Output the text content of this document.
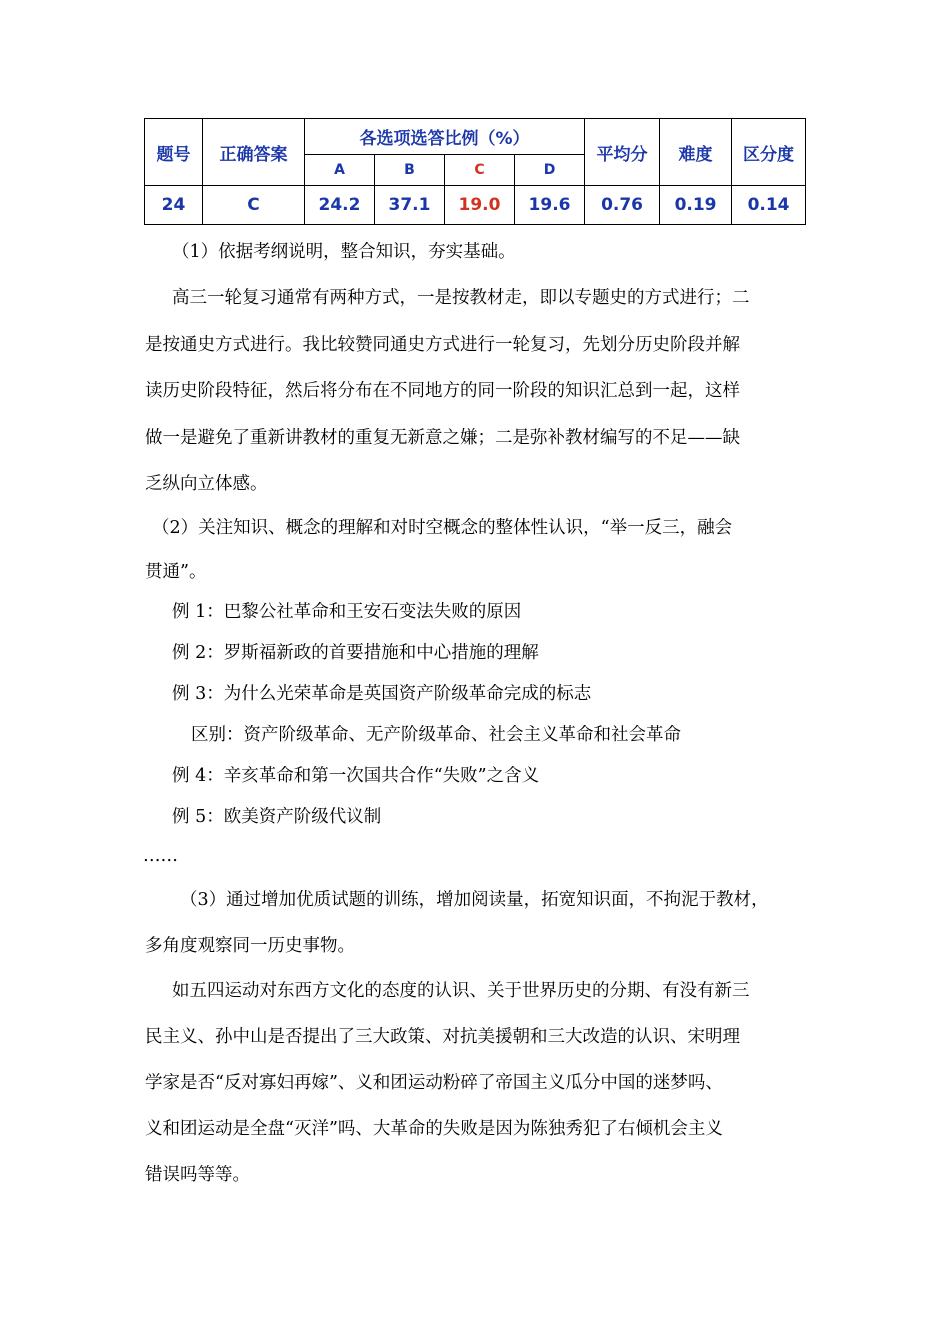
题号	正确答案	各选项选答比例（%）				平均分	难度	区分度
		A	B	C	D			
24	C	24.2	37.1	19.0	19.6	0.76	0.19	0.14
（1）依据考纲说明，整合知识，夯实基础。
高三一轮复习通常有两种方式，一是按教材走，即以专题史的方式进行；二
是按通史方式进行。我比较赞同通史方式进行一轮复习，先划分历史阶段并解
读历史阶段特征，然后将分布在不同地方的同一阶段的知识汇总到一起，这样
做一是避免了重新讲教材的重复无新意之嫌；二是弥补教材编写的不足——缺
乏纵向立体感。
（2）关注知识、概念的理解和对时空概念的整体性认识，“举一反三，融会
贯通”。
例 1：巴黎公社革命和王安石变法失败的原因
例 2：罗斯福新政的首要措施和中心措施的理解
例 3：为什么光荣革命是英国资产阶级革命完成的标志
区别：资产阶级革命、无产阶级革命、社会主义革命和社会革命
例 4：辛亥革命和第一次国共合作“失败”之含义
例 5：欧美资产阶级代议制
……
（3）通过增加优质试题的训练，增加阅读量，拓宽知识面，不拘泥于教材，
多角度观察同一历史事物。
如五四运动对东西方文化的态度的认识、关于世界历史的分期、有没有新三
民主义、孙中山是否提出了三大政策、对抗美援朝和三大改造的认识、宋明理
学家是否“反对寡妇再嫁”、义和团运动粉碎了帝国主义瓜分中国的迷梦吗、
义和团运动是全盘“灭洋”吗、大革命的失败是因为陈独秀犯了右倾机会主义
错误吗等等。
